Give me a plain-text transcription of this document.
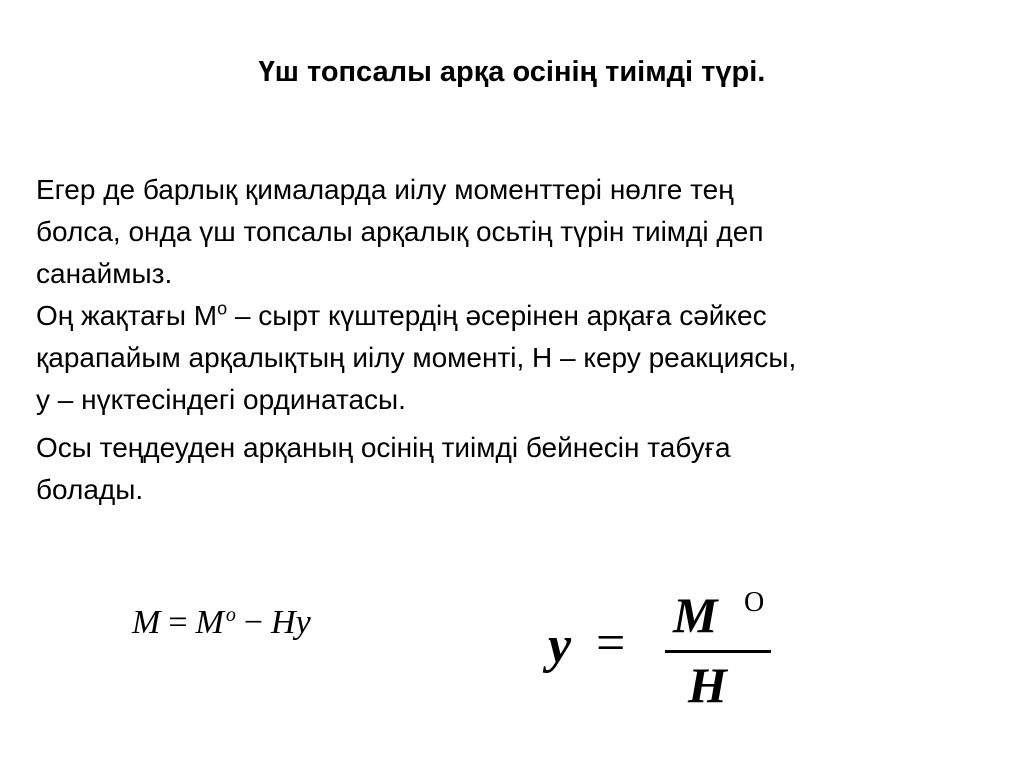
Үш топсалы арқа осінің тиімді түрі.
Егер де барлық қималарда иілу моменттері нөлге тең
болса, онда үш топсалы арқалық осьтің түрін тиімді деп
санаймыз.
Оң жақтағы $М^о$ – сырт күштердің әсерінен арқаға сәйкес
қарапайым арқалықтың иілу моменті, Н – керу реакциясы,
у – нүктесіндегі ординатасы.
Осы теңдеуден арқаның осінің тиімді бейнесін табуға
болады.
M = M $^o$ − Hy	y = M O
H
